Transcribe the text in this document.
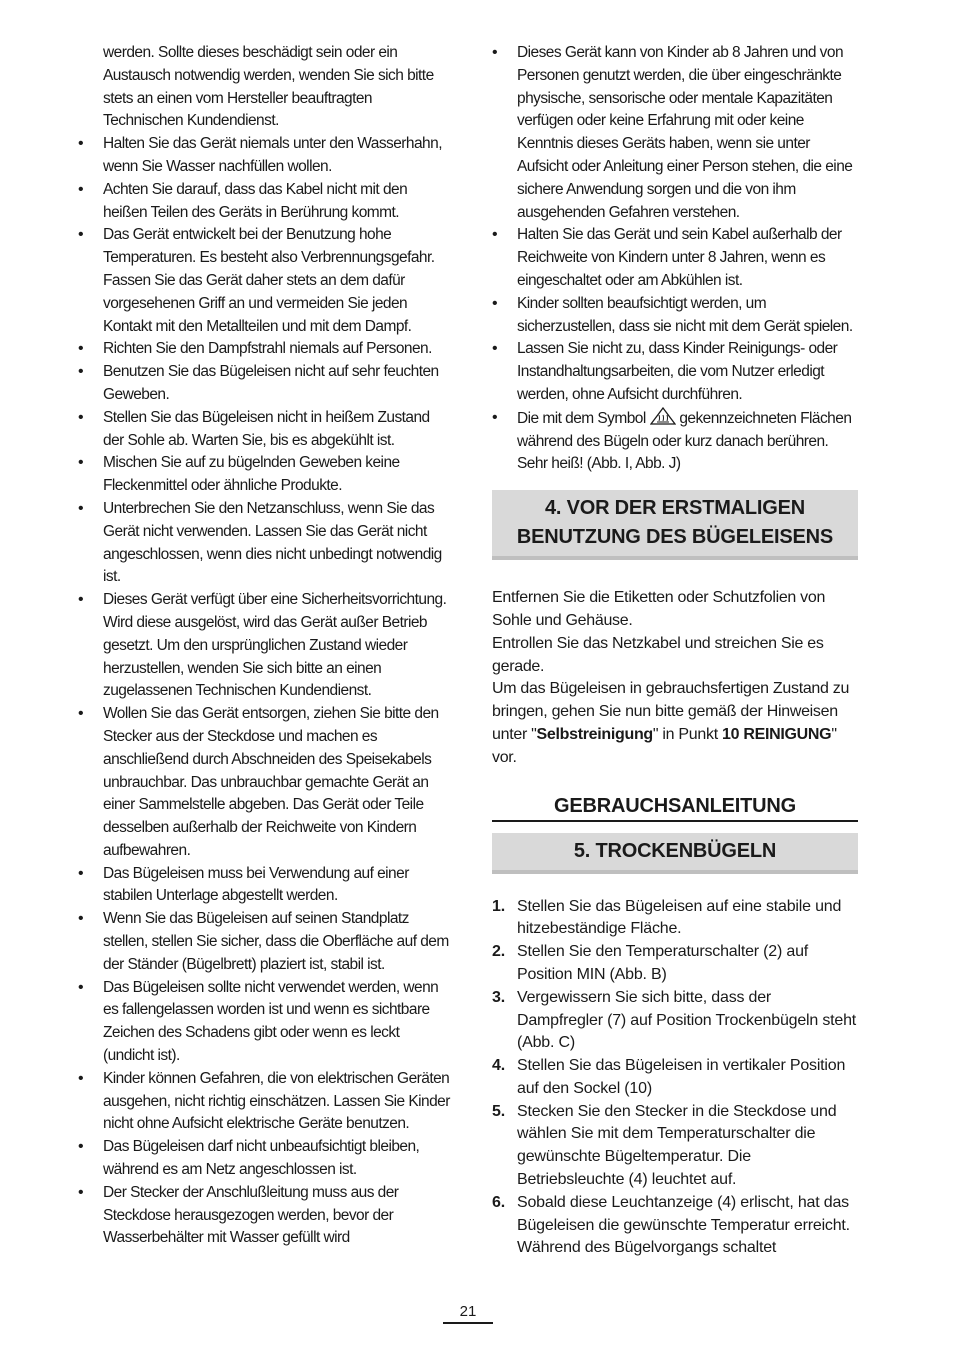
werden. Sollte dieses beschädigt sein oder ein Austausch notwendig werden, wenden Sie sich bitte stets an einen vom Hersteller beauftragten Technischen Kundendienst.
• Halten Sie das Gerät niemals unter den Wasserhahn, wenn Sie Wasser nachfüllen wollen.
• Achten Sie darauf, dass das Kabel nicht mit den heißen Teilen des Geräts in Berührung kommt.
• Das Gerät entwickelt bei der Benutzung hohe Temperaturen. Es besteht also Verbrennungsgefahr. Fassen Sie das Gerät daher stets an dem dafür vorgesehenen Griff an und vermeiden Sie jeden Kontakt mit den Metallteilen und mit dem Dampf.
• Richten Sie den Dampfstrahl niemals auf Personen.
• Benutzen Sie das Bügeleisen nicht auf sehr feuchten Geweben.
• Stellen Sie das Bügeleisen nicht in heißem Zustand der Sohle ab. Warten Sie, bis es abgekühlt ist.
• Mischen Sie auf zu bügelnden Geweben keine Fleckenmittel oder ähnliche Produkte.
• Unterbrechen Sie den Netzanschluss, wenn Sie das Gerät nicht verwenden. Lassen Sie das Gerät nicht angeschlossen, wenn dies nicht unbedingt notwendig ist.
• Dieses Gerät verfügt über eine Sicherheitsvorrichtung. Wird diese ausgelöst, wird das Gerät außer Betrieb gesetzt. Um den ursprünglichen Zustand wieder herzustellen, wenden Sie sich bitte an einen zugelassenen Technischen Kundendienst.
• Wollen Sie das Gerät entsorgen, ziehen Sie bitte den Stecker aus der Steckdose und machen es anschließend durch Abschneiden des Speisekabels unbrauchbar. Das unbrauchbar gemachte Gerät an einer Sammelstelle abgeben. Das Gerät oder Teile desselben außerhalb der Reichweite von Kindern aufbewahren.
• Das Bügeleisen muss bei Verwendung auf einer stabilen Unterlage abgestellt werden.
• Wenn Sie das Bügeleisen auf seinen Standplatz stellen, stellen Sie sicher, dass die Oberfläche auf dem der Ständer (Bügelbrett) plaziert ist, stabil ist.
• Das Bügeleisen sollte nicht verwendet werden, wenn es fallengelassen worden ist und wenn es sichtbare Zeichen des Schadens gibt oder wenn es leckt (undicht ist).
• Kinder können Gefahren, die von elektrischen Geräten ausgehen, nicht richtig einschätzen. Lassen Sie Kinder nicht ohne Aufsicht elektrische Geräte benutzen.
• Das Bügeleisen darf nicht unbeaufsichtigt bleiben, während es am Netz angeschlossen ist.
• Der Stecker der Anschlußleitung muss aus der Steckdose herausgezogen werden, bevor der Wasserbehälter mit Wasser gefüllt wird
• Dieses Gerät kann von Kinder ab 8 Jahren und von Personen genutzt werden, die über eingeschränkte physische, sensorische oder mentale Kapazitäten verfügen oder keine Erfahrung mit oder keine Kenntnis dieses Geräts haben, wenn sie unter Aufsicht oder Anleitung einer Person stehen, die eine sichere Anwendung sorgen und die von ihm ausgehenden Gefahren verstehen.
• Halten Sie das Gerät und sein Kabel außerhalb der Reichweite von Kindern unter 8 Jahren, wenn es eingeschaltet oder am Abkühlen ist.
• Kinder sollten beaufsichtigt werden, um sicherzustellen, dass sie nicht mit dem Gerät spielen.
• Lassen Sie nicht zu, dass Kinder Reinigungs- oder Instandhaltungsarbeiten, die vom Nutzer erledigt werden, ohne Aufsicht durchführen.
• Die mit dem Symbol gekennzeichneten Flächen während des Bügeln oder kurz danach berühren. Sehr heiß! (Abb. I, Abb. J)
4. VOR DER ERSTMALIGEN
BENUTZUNG DES BÜGELEISENS

Entfernen Sie die Etiketten oder Schutzfolien von Sohle und Gehäuse.

Entrollen Sie das Netzkabel und streichen Sie es gerade.

Um das Bügeleisen in gebrauchsfertigen Zustand zu bringen, gehen Sie nun bitte gemäß der Hinweisen unter "Selbstreinigung" in Punkt 10 REINIGUNG" vor.

GEBRAUCHSANLEITUNG
5. TROCKENBÜGELN
1. Stellen Sie das Bügeleisen auf eine stabile und hitzebeständige Fläche.
2. Stellen Sie den Temperaturschalter (2) auf Position MIN (Abb. B)
3. Vergewissern Sie sich bitte, dass der Dampfregler (7) auf Position Trockenbügeln steht (Abb. C)
4. Stellen Sie das Bügeleisen in vertikaler Position auf den Sockel (10)
5. Stecken Sie den Stecker in die Steckdose und wählen Sie mit dem Temperaturschalter die gewünschte Bügeltemperatur. Die Betriebsleuchte (4) leuchtet auf.
6. Sobald diese Leuchtanzeige (4) erlischt, hat das Bügeleisen die gewünschte Temperatur erreicht.
Während des Bügelvorgangs schaltet
21
